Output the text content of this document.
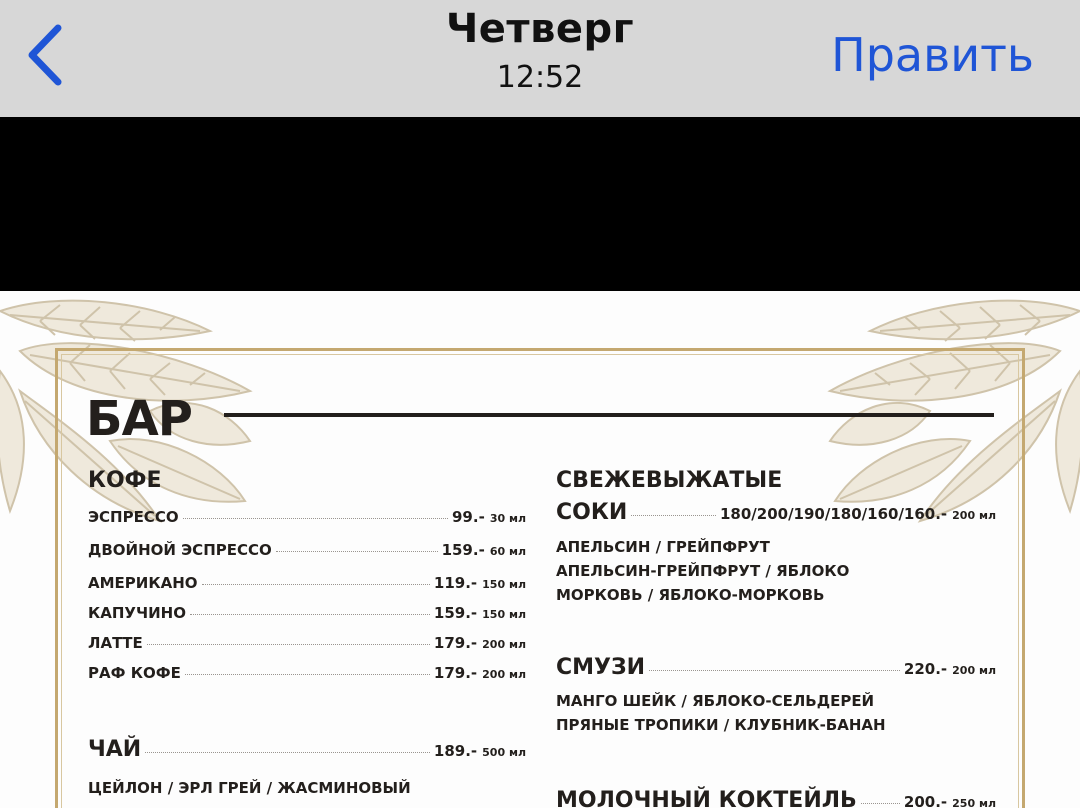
Четверг
12:52	Править
БАР
КОФЕ
ЭСПРЕССО	99.- 30 мл
ДВОЙНОЙ ЭСПРЕССО	159.- 60 мл
АМЕРИКАНО	119.- 150 мл
КАПУЧИНО	159.- 150 мл
ЛАТТЕ	179.- 200 мл
РАФ КОФЕ	179.- 200 мл
ЧАЙ	189.- 500 мл
ЦЕЙЛОН / ЭРЛ ГРЕЙ / ЖАСМИНОВЫЙ
СВЕЖЕВЫЖАТЫЕ
СОКИ	180/200/190/180/160/160.- 200 мл
АПЕЛЬСИН / ГРЕЙПФРУТ
АПЕЛЬСИН-ГРЕЙПФРУТ / ЯБЛОКО
МОРКОВЬ / ЯБЛОКО-МОРКОВЬ
СМУЗИ	220.- 200 мл
МАНГО ШЕЙК / ЯБЛОКО-СЕЛЬДЕРЕЙ
ПРЯНЫЕ ТРОПИКИ / КЛУБНИК-БАНАН
МОЛОЧНЫЙ КОКТЕЙЛЬ	200.- 250 мл
